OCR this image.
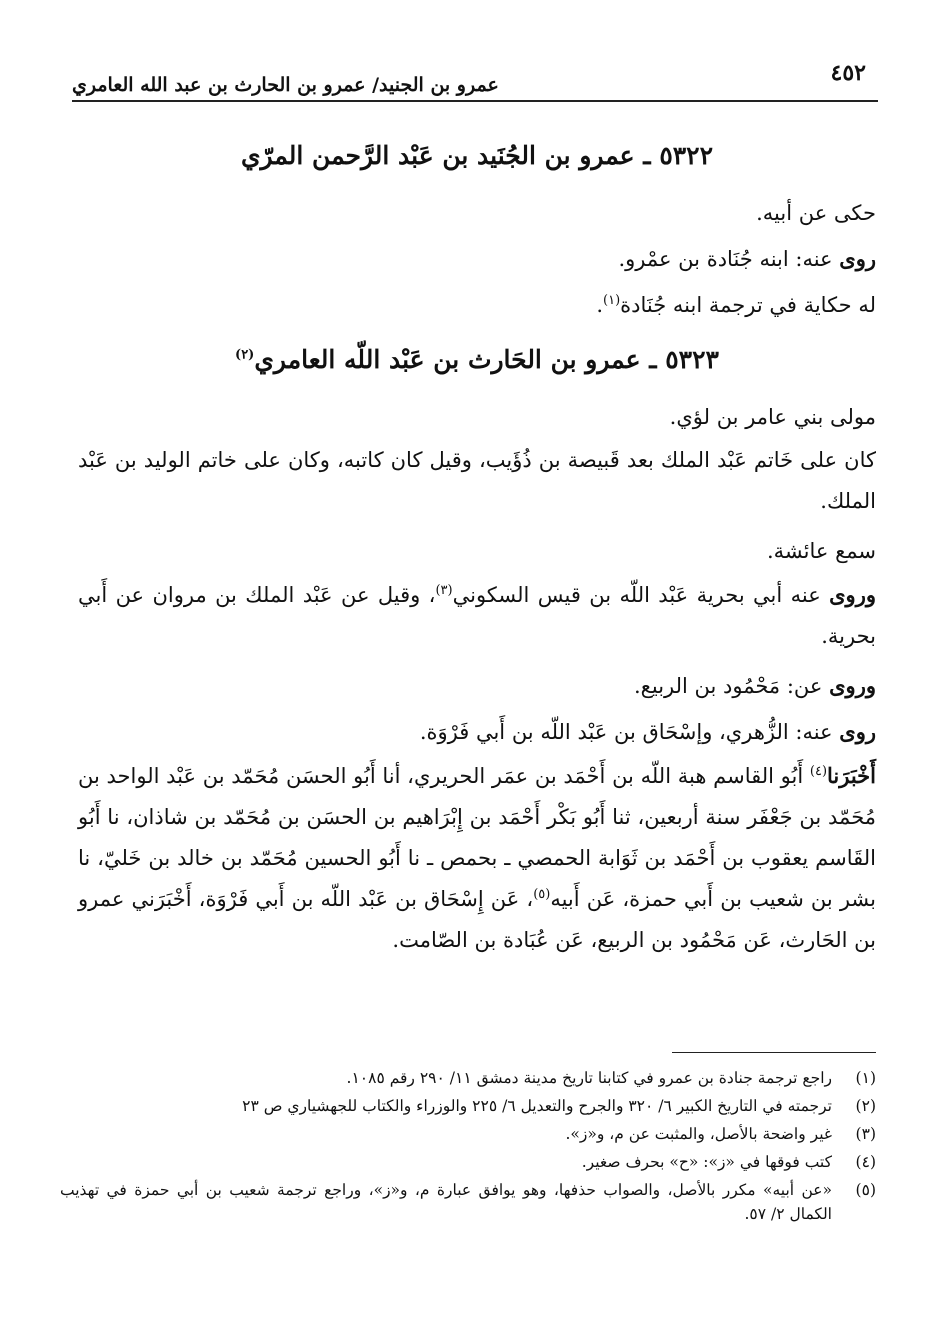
٤٥٢
عمرو بن الجنيد/ عمرو بن الحارث بن عبد الله العامري
٥٣٢٢ ـ عمرو بن الجُنَيد بن عَبْد الرَّحمن المرّي

حكى عن أبيه.

روى عنه: ابنه جُنَادة بن عمْرو.

له حكاية في ترجمة ابنه جُنَادة$^{(١)}$.

٥٣٢٣ ـ عمرو بن الحَارث بن عَبْد اللّه العامري$^{(٢)}$

مولى بني عامر بن لؤي.

كان على خَاتم عَبْد الملك بعد قَبيصة بن ذُؤَيب، وقيل كان كاتبه، وكان على خاتم الوليد بن عَبْد الملك.

سمع عائشة.

وروى عنه أبي بحرية عَبْد اللّه بن قيس السكوني$^{(٣)}$، وقيل عن عَبْد الملك بن مروان عن أَبي بحرية.

وروى عن: مَحْمُود بن الربيع.

روى عنه: الزُّهري، وإسْحَاق بن عَبْد اللّه بن أَبي فَرْوَة.

أَخْبَرَنا$^{(٤)}$ أَبُو القاسم هبة اللّه بن أَحْمَد بن عمَر الحريري، أنا أَبُو الحسَن مُحَمّد بن عَبْد الواحد بن مُحَمّد بن جَعْفَر سنة أربعين، ثنا أَبُو بَكْر أَحْمَد بن إِبْرَاهيم بن الحسَن بن مُحَمّد بن شاذان، نا أَبُو القَاسم يعقوب بن أَحْمَد بن ثَوَابة الحمصي ـ بحمص ـ نا أَبُو الحسين مُحَمّد بن خالد بن خَليّ، نا بشر بن شعيب بن أَبي حمزة، عَن أَبيه$^{(٥)}$، عَن إِسْحَاق بن عَبْد اللّه بن أَبي فَرْوَة، أَخْبَرَني عمرو بن الحَارث، عَن مَحْمُود بن الربيع، عَن عُبَادة بن الصّامت.

(١)
راجع ترجمة جنادة بن عمرو في كتابنا تاريخ مدينة دمشق ١١/ ٢٩٠ رقم ١٠٨٥.
(٢)
ترجمته في التاريخ الكبير ٦/ ٣٢٠ والجرح والتعديل ٦/ ٢٢٥ والوزراء والكتاب للجهشياري ص ٢٣
(٣)
غير واضحة بالأصل، والمثبت عن م، و«ز».
(٤)
كتب فوقها في «ز»: «ح» بحرف صغير.
(٥)
«عن أبيه» مكرر بالأصل، والصواب حذفها، وهو يوافق عبارة م، و«ز»، وراجع ترجمة شعيب بن أبي حمزة في تهذيب الكمال ٢/ ٥٧.
